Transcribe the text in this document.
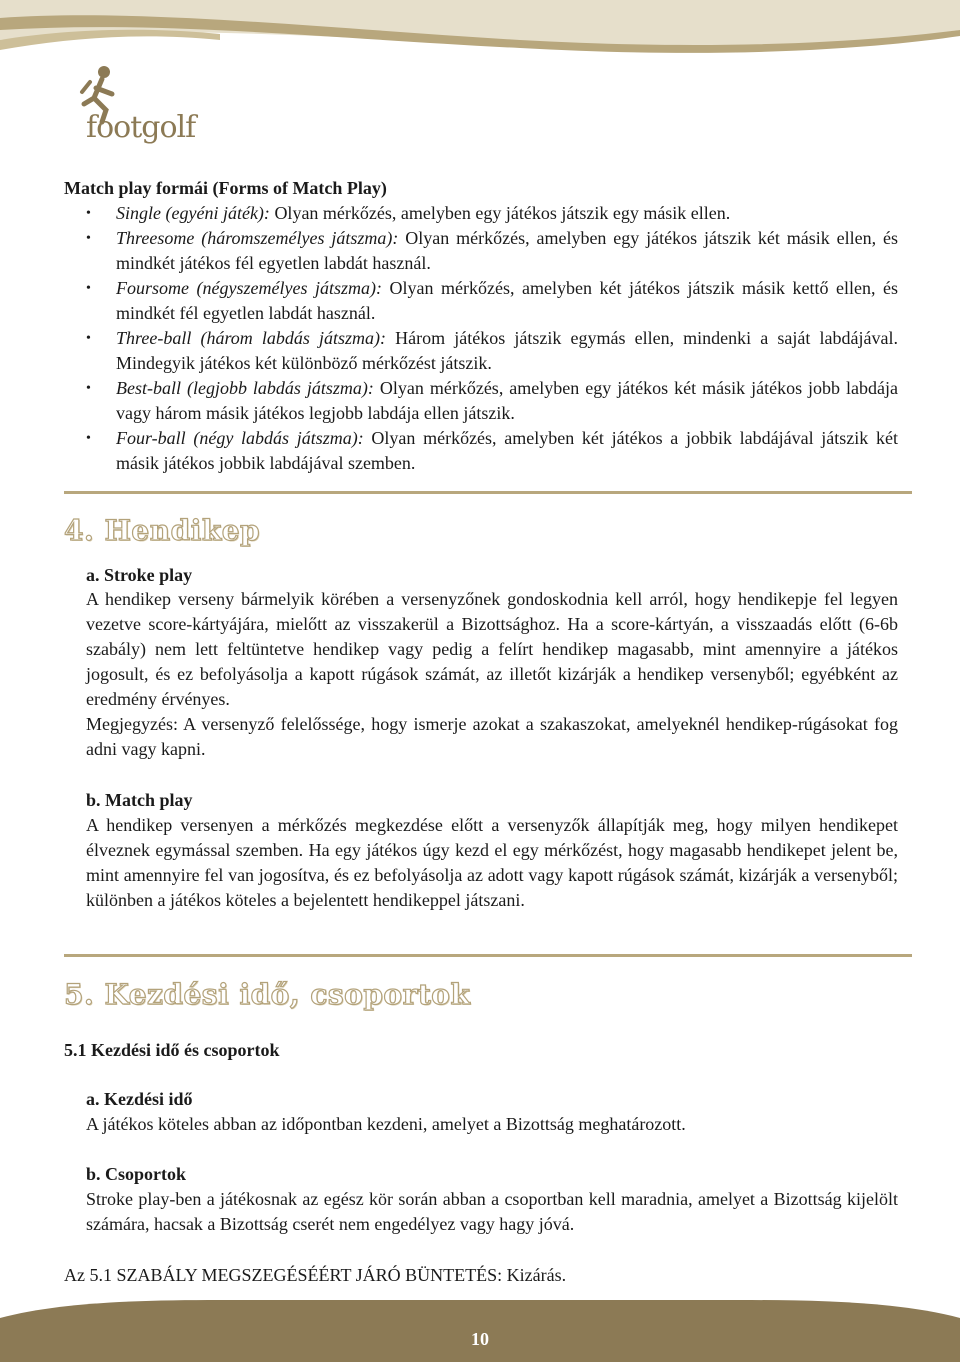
footgolf

Match play formái (Forms of Match Play)

• Single (egyéni játék): Olyan mérkőzés, amelyben egy játékos játszik egy másik ellen.

• Threesome (háromszemélyes játszma): Olyan mérkőzés, amelyben egy játékos játszik két másik ellen, és mindkét játékos fél egyetlen labdát használ.

• Foursome (négyszemélyes játszma): Olyan mérkőzés, amelyben két játékos játszik másik kettő ellen, és mindkét fél egyetlen labdát használ.

• Three-ball (három labdás játszma): Három játékos játszik egymás ellen, mindenki a saját labdájával. Mindegyik játékos két különböző mérkőzést játszik.

• Best-ball (legjobb labdás játszma): Olyan mérkőzés, amelyben egy játékos két másik játékos jobb labdája vagy három másik játékos legjobb labdája ellen játszik.

• Four-ball (négy labdás játszma): Olyan mérkőzés, amelyben két játékos a jobbik labdájával játszik két másik játékos jobbik labdájával szemben.

4. Hendikep

a. Stroke play

A hendikep verseny bármelyik körében a versenyzőnek gondoskodnia kell arról, hogy hendikepje fel legyen vezetve score-kártyájára, mielőtt az visszakerül a Bizottsághoz. Ha a score-kártyán, a visszaadás előtt (6-6b szabály) nem lett feltüntetve hendikep vagy pedig a felírt hendikep magasabb, mint amennyire a játékos jogosult, és ez befolyásolja a kapott rúgások számát, az illetőt kizárják a hendikep versenyből; egyébként az eredmény érvényes.

Megjegyzés: A versenyző felelőssége, hogy ismerje azokat a szakaszokat, amelyeknél hendikep-rúgásokat fog adni vagy kapni.

b. Match play

A hendikep versenyen a mérkőzés megkezdése előtt a versenyzők állapítják meg, hogy milyen hendikepet élveznek egymással szemben. Ha egy játékos úgy kezd el egy mérkőzést, hogy magasabb hendikepet jelent be, mint amennyire fel van jogosítva, és ez befolyásolja az adott vagy kapott rúgások számát, kizárják a versenyből; különben a játékos köteles a bejelentett hendikeppel játszani.

5. Kezdési idő, csoportok

5.1 Kezdési idő és csoportok

a. Kezdési idő

A játékos köteles abban az időpontban kezdeni, amelyet a Bizottság meghatározott.

b. Csoportok

Stroke play-ben a játékosnak az egész kör során abban a csoportban kell maradnia, amelyet a Bizottság kijelölt számára, hacsak a Bizottság cserét nem engedélyez vagy hagy jóvá.

Az 5.1 SZABÁLY MEGSZEGÉSÉÉRT JÁRÓ BÜNTETÉS: Kizárás.

10
